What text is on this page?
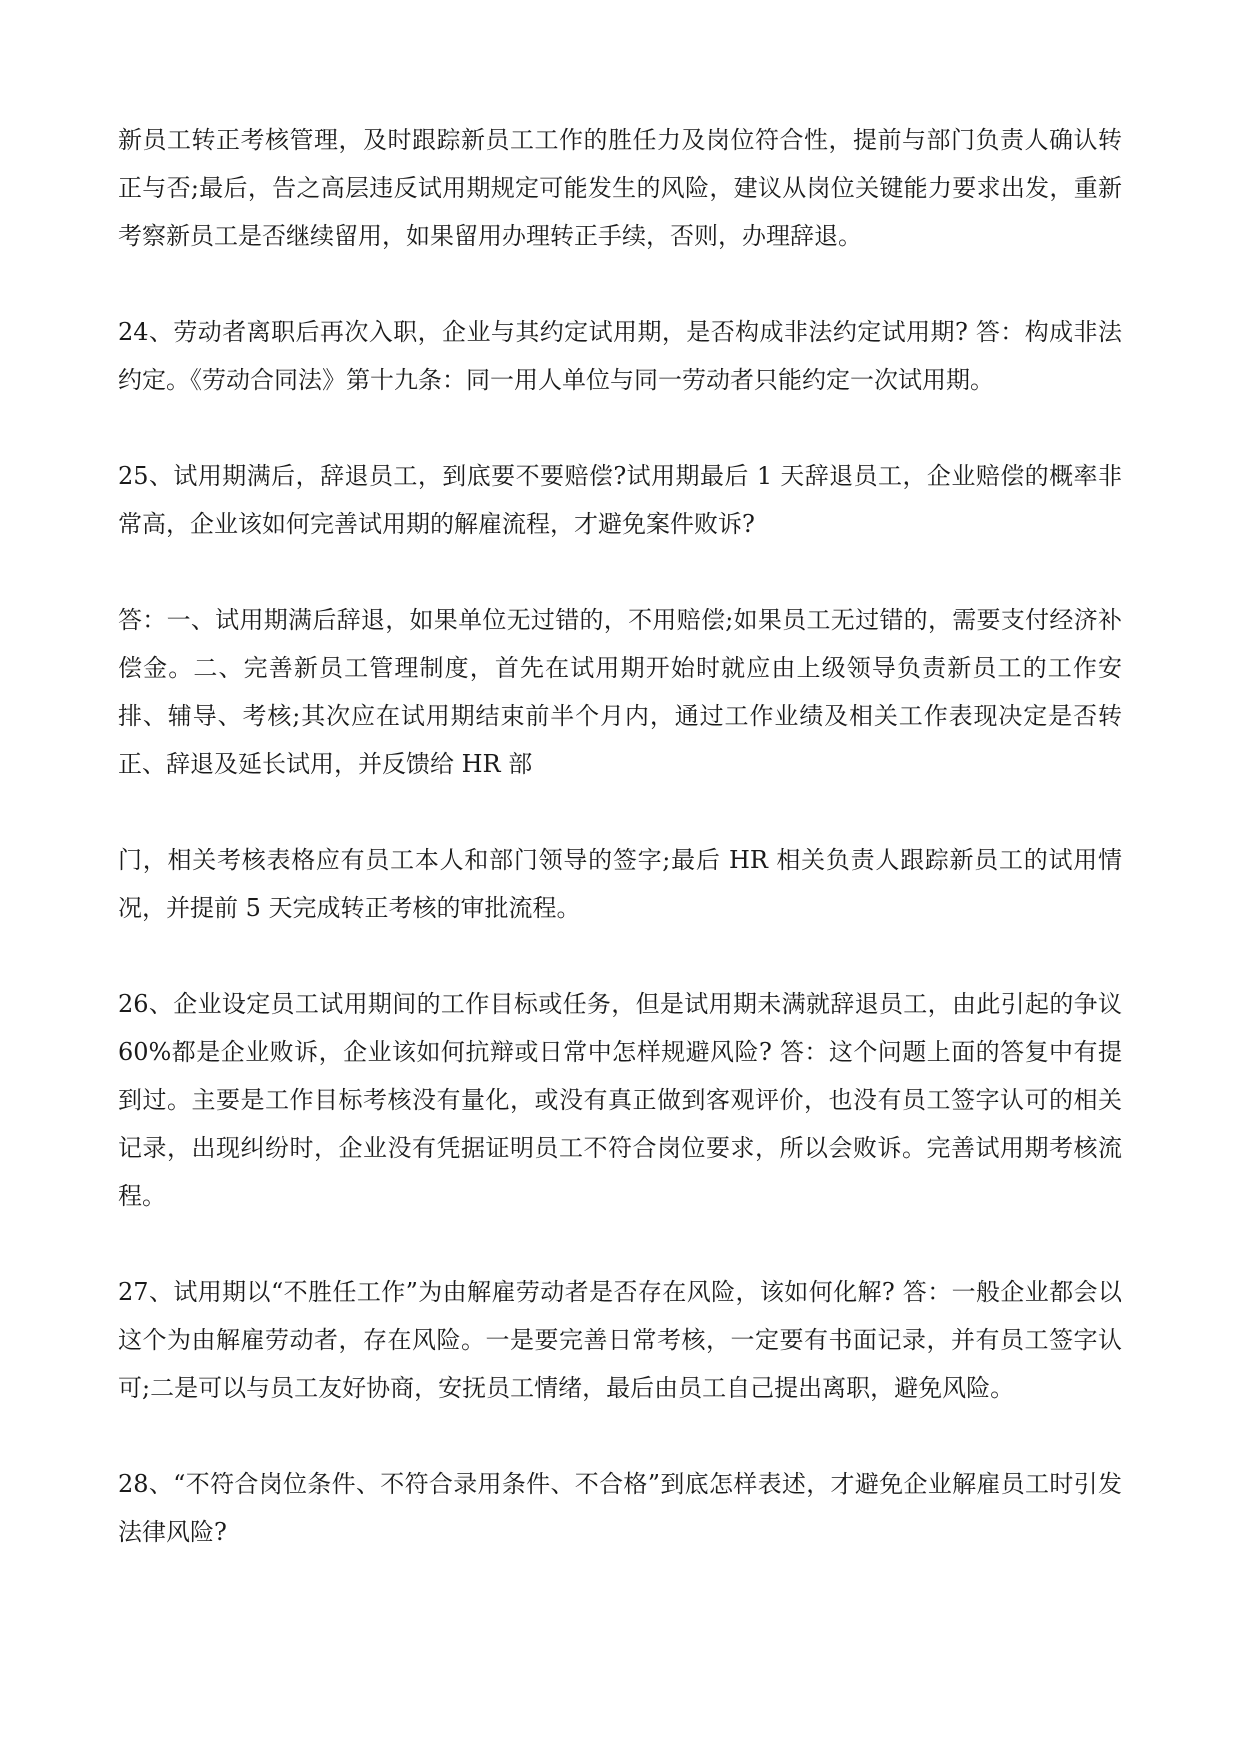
新员工转正考核管理，及时跟踪新员工工作的胜任力及岗位符合性，提前与部门负责人确认转正与否;最后，告之高层违反试用期规定可能发生的风险，建议从岗位关键能力要求出发，重新考察新员工是否继续留用，如果留用办理转正手续，否则，办理辞退。

24、劳动者离职后再次入职，企业与其约定试用期，是否构成非法约定试用期? 答：构成非法约定。《劳动合同法》第十九条：同一用人单位与同一劳动者只能约定一次试用期。

25、试用期满后，辞退员工，到底要不要赔偿?试用期最后 1 天辞退员工，企业赔偿的概率非常高，企业该如何完善试用期的解雇流程，才避免案件败诉?

答：一、试用期满后辞退，如果单位无过错的，不用赔偿;如果员工无过错的，需要支付经济补偿金。二、完善新员工管理制度，首先在试用期开始时就应由上级领导负责新员工的工作安排、辅导、考核;其次应在试用期结束前半个月内，通过工作业绩及相关工作表现决定是否转正、辞退及延长试用，并反馈给 HR 部

门，相关考核表格应有员工本人和部门领导的签字;最后 HR 相关负责人跟踪新员工的试用情况，并提前 5 天完成转正考核的审批流程。

26、企业设定员工试用期间的工作目标或任务，但是试用期未满就辞退员工，由此引起的争议 60%都是企业败诉，企业该如何抗辩或日常中怎样规避风险? 答：这个问题上面的答复中有提到过。主要是工作目标考核没有量化，或没有真正做到客观评价，也没有员工签字认可的相关记录，出现纠纷时，企业没有凭据证明员工不符合岗位要求，所以会败诉。完善试用期考核流程。

27、试用期以“不胜任工作”为由解雇劳动者是否存在风险，该如何化解? 答：一般企业都会以这个为由解雇劳动者，存在风险。一是要完善日常考核，一定要有书面记录，并有员工签字认可;二是可以与员工友好协商，安抚员工情绪，最后由员工自己提出离职，避免风险。

28、“不符合岗位条件、不符合录用条件、不合格”到底怎样表述，才避免企业解雇员工时引发法律风险?
